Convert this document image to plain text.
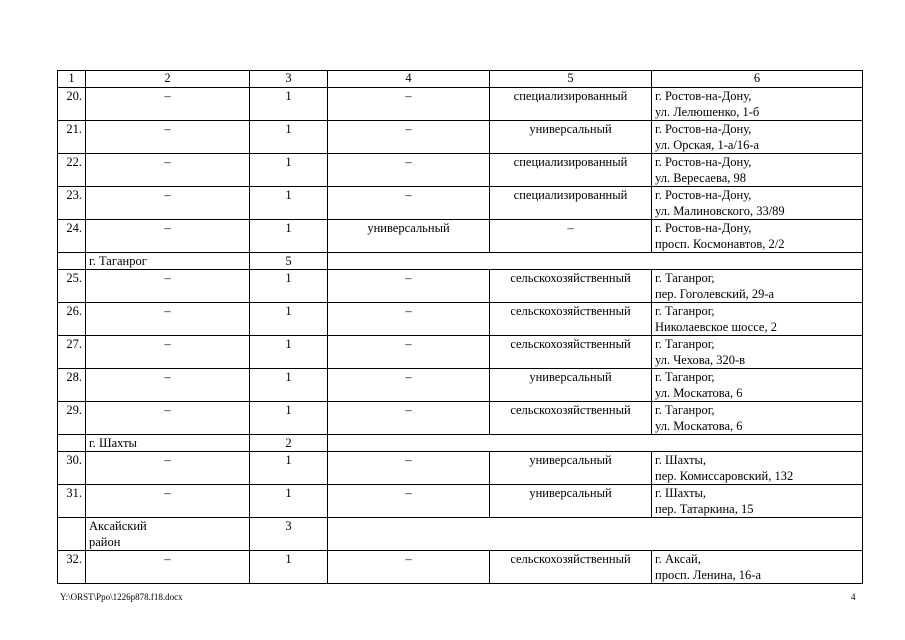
1	2	3	4	5	6
20.	–	1	–	специализированный	г. Ростов-на-Дону,
ул. Лелюшенко, 1-б
21.	–	1	–	универсальный	г. Ростов-на-Дону,
ул. Орская, 1-а/16-а
22.	–	1	–	специализированный	г. Ростов-на-Дону,
ул. Вересаева, 98
23.	–	1	–	специализированный	г. Ростов-на-Дону,
ул. Малиновского, 33/89
24.	–	1	универсальный	–	г. Ростов-на-Дону,
просп. Космонавтов, 2/2
	г. Таганрог	5			
25.	–	1	–	сельскохозяйственный	г. Таганрог,
пер. Гоголевский, 29-а
26.	–	1	–	сельскохозяйственный	г. Таганрог,
Николаевское шоссе, 2
27.	–	1	–	сельскохозяйственный	г. Таганрог,
ул. Чехова, 320-в
28.	–	1	–	универсальный	г. Таганрог,
ул. Москатова, 6
29.	–	1	–	сельскохозяйственный	г. Таганрог,
ул. Москатова, 6
	г. Шахты	2			
30.	–	1	–	универсальный	г. Шахты,
пер. Комиссаровский, 132
31.	–	1	–	универсальный	г. Шахты,
пер. Татаркина, 15
	Аксайский
район	3			
32.	–	1	–	сельскохозяйственный	г. Аксай,
просп. Ленина, 16-а
Y:\ORST\Ppo\1226p878.f18.docx	4
